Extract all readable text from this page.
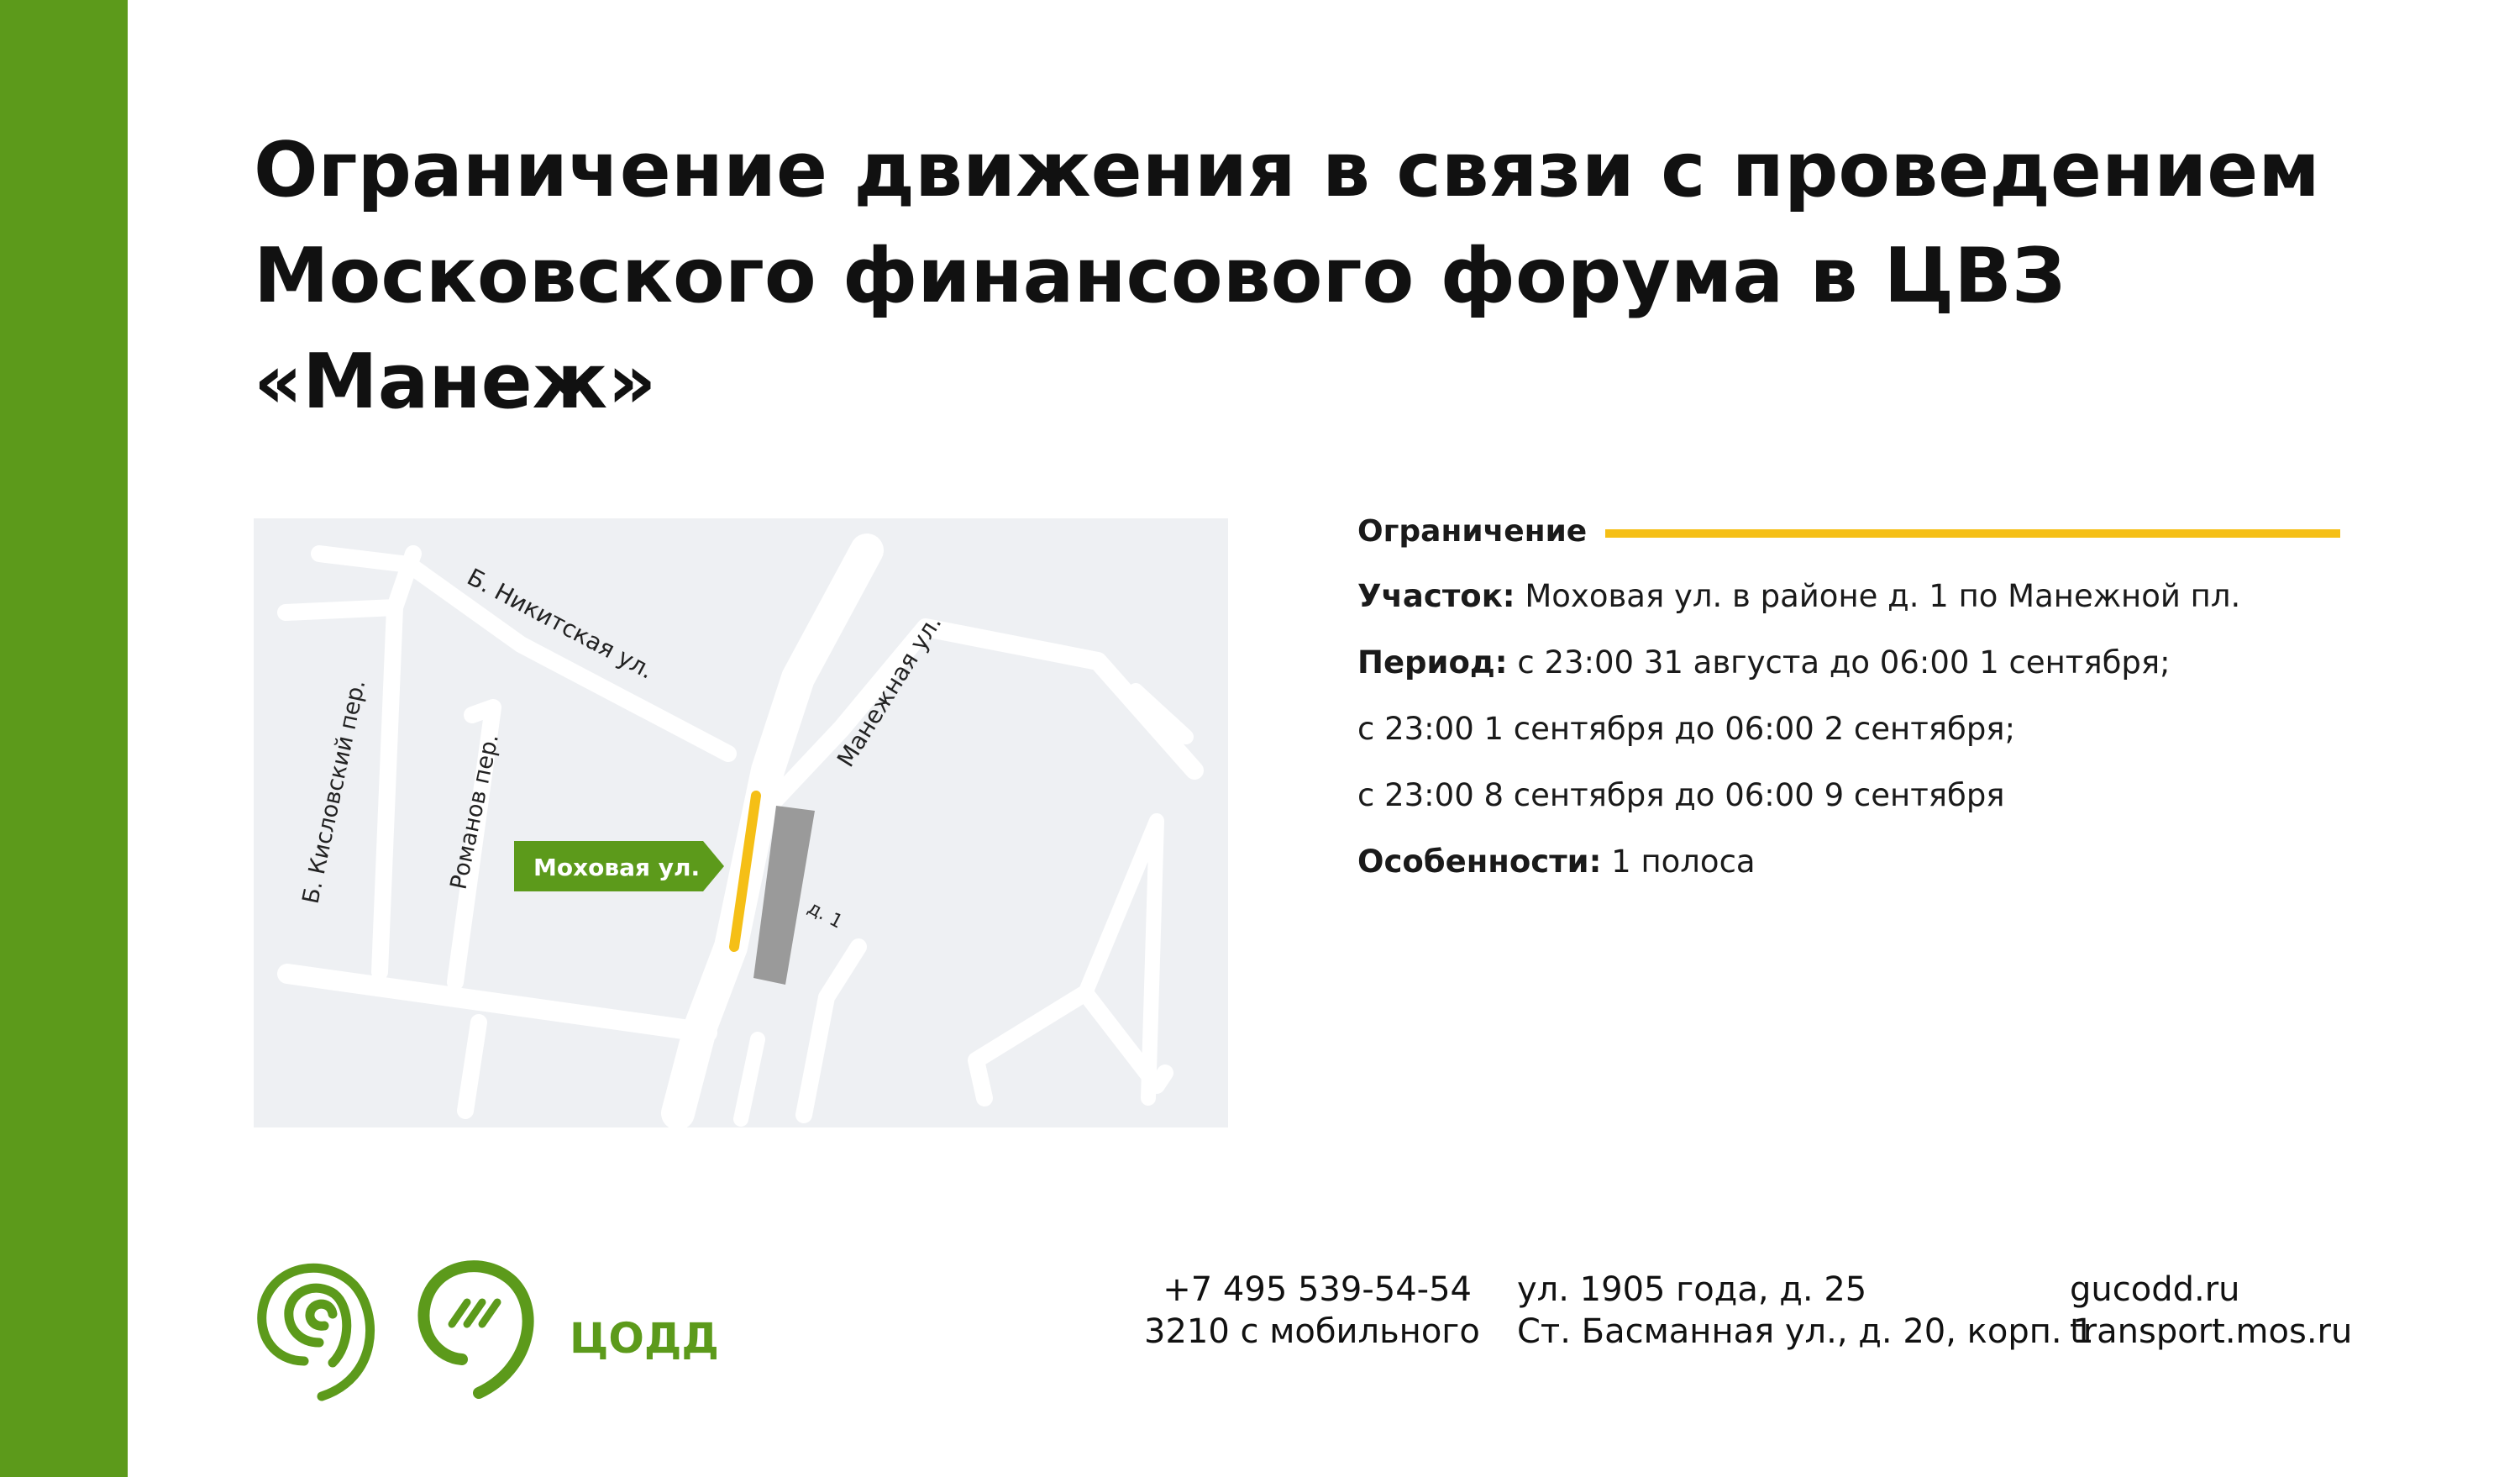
Ограничение движения в связи с проведением
Московского финансового форума в ЦВЗ
«Манеж»
Моховая ул.
Б. Никитская ул.	Манежная ул.
Б. Кисловский пер.	Романов пер.
д. 1
Ограничение
Участок: Моховая ул. в районе д. 1 по Манежной пл.
Период: с 23:00 31 августа до 06:00 1 сентября;
с 23:00 1 сентября до 06:00 2 сентября;
с 23:00 8 сентября до 06:00 9 сентября
Особенности: 1 полоса
ЦОДД
+7 495 539-54-54
3210 с мобильного
ул. 1905 года, д. 25
Ст. Басманная ул., д. 20, корп. 1
gucodd.ru
transport.mos.ru
